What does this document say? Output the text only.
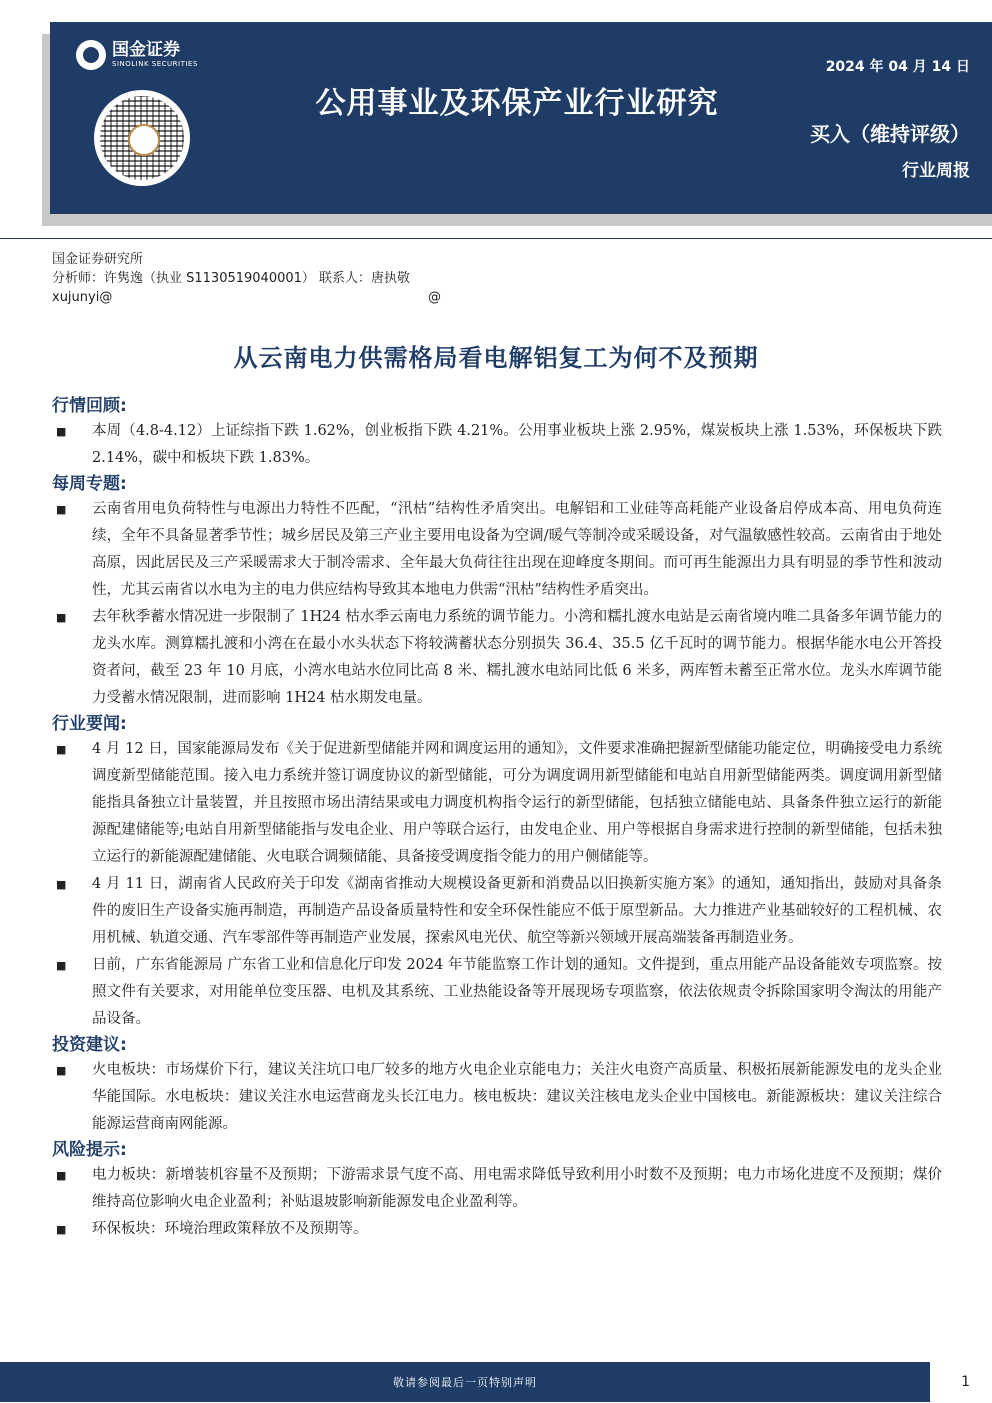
国金证券
SINOLINK SECURITIES
公用事业及环保产业行业研究
2024 年 04 月 14 日
买入（维持评级）
行业周报
国金证券研究所
分析师：许隽逸（执业 S1130519040001） 联系人：唐执敬
xujunyi@	@
从云南电力供需格局看电解铝复工为何不及预期
行情回顾:
■	本周（4.8-4.12）上证综指下跌 1.62%，创业板指下跌 4.21%。公用事业板块上涨 2.95%，煤炭板块上涨 1.53%，环保板块下跌 2.14%，碳中和板块下跌 1.83%。
每周专题:
■	云南省用电负荷特性与电源出力特性不匹配，“汛枯”结构性矛盾突出。电解铝和工业硅等高耗能产业设备启停成本高、用电负荷连续，全年不具备显著季节性；城乡居民及第三产业主要用电设备为空调/暖气等制冷或采暖设备，对气温敏感性较高。云南省由于地处高原，因此居民及三产采暖需求大于制冷需求、全年最大负荷往往出现在迎峰度冬期间。而可再生能源出力具有明显的季节性和波动性，尤其云南省以水电为主的电力供应结构导致其本地电力供需“汛枯”结构性矛盾突出。
■	去年秋季蓄水情况进一步限制了 1H24 枯水季云南电力系统的调节能力。小湾和糯扎渡水电站是云南省境内唯二具备多年调节能力的龙头水库。测算糯扎渡和小湾在在最小水头状态下将较满蓄状态分别损失 36.4、35.5 亿千瓦时的调节能力。根据华能水电公开答投资者问，截至 23 年 10 月底，小湾水电站水位同比高 8 米、糯扎渡水电站同比低 6 米多，两库暂未蓄至正常水位。龙头水库调节能力受蓄水情况限制，进而影响 1H24 枯水期发电量。
行业要闻:
■	4 月 12 日，国家能源局发布《关于促进新型储能并网和调度运用的通知》，文件要求准确把握新型储能功能定位，明确接受电力系统调度新型储能范围。接入电力系统并签订调度协议的新型储能，可分为调度调用新型储能和电站自用新型储能两类。调度调用新型储能指具备独立计量装置，并且按照市场出清结果或电力调度机构指令运行的新型储能，包括独立储能电站、具备条件独立运行的新能源配建储能等;电站自用新型储能指与发电企业、用户等联合运行，由发电企业、用户等根据自身需求进行控制的新型储能，包括未独立运行的新能源配建储能、火电联合调频储能、具备接受调度指令能力的用户侧储能等。
■	4 月 11 日，湖南省人民政府关于印发《湖南省推动大规模设备更新和消费品以旧换新实施方案》的通知，通知指出，鼓励对具备条件的废旧生产设备实施再制造，再制造产品设备质量特性和安全环保性能应不低于原型新品。大力推进产业基础较好的工程机械、农用机械、轨道交通、汽车零部件等再制造产业发展，探索风电光伏、航空等新兴领域开展高端装备再制造业务。
■	日前，广东省能源局 广东省工业和信息化厅印发 2024 年节能监察工作计划的通知。文件提到，重点用能产品设备能效专项监察。按照文件有关要求，对用能单位变压器、电机及其系统、工业热能设备等开展现场专项监察，依法依规责令拆除国家明令淘汰的用能产品设备。
投资建议:
■	火电板块：市场煤价下行，建议关注坑口电厂较多的地方火电企业京能电力；关注火电资产高质量、积极拓展新能源发电的龙头企业华能国际。水电板块：建议关注水电运营商龙头长江电力。核电板块：建议关注核电龙头企业中国核电。新能源板块：建议关注综合能源运营商南网能源。
风险提示:
■	电力板块：新增装机容量不及预期；下游需求景气度不高、用电需求降低导致利用小时数不及预期；电力市场化进度不及预期；煤价维持高位影响火电企业盈利；补贴退坡影响新能源发电企业盈利等。
■	环保板块：环境治理政策释放不及预期等。
敬请参阅最后一页特别声明	1
